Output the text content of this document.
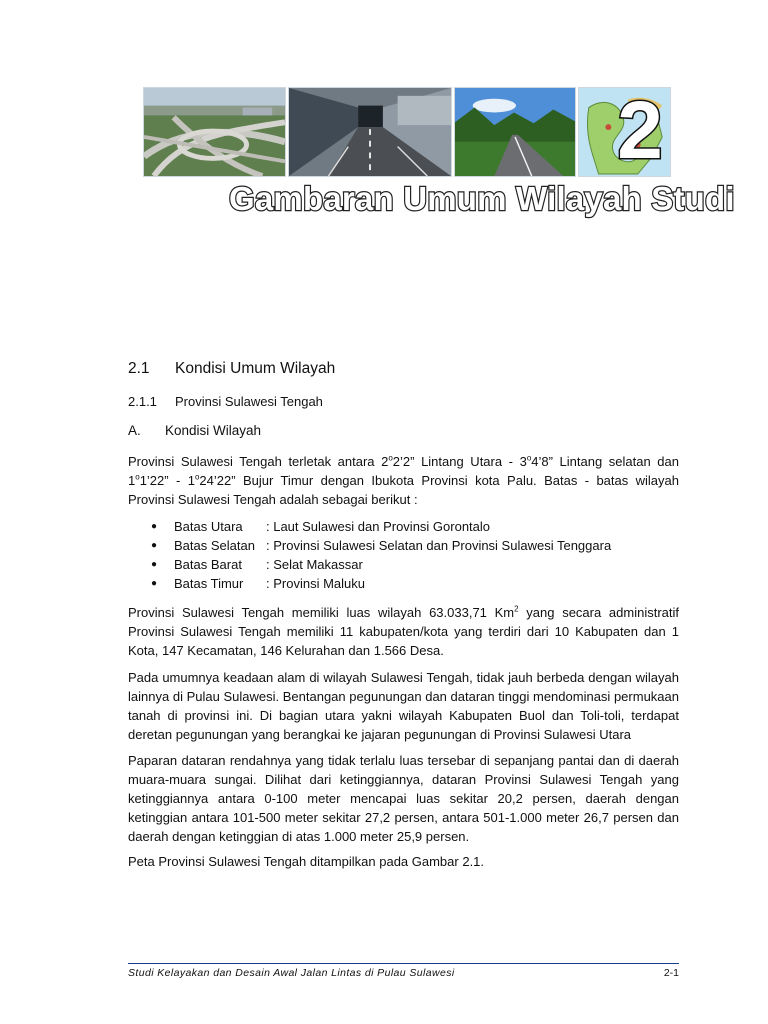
2
Gambaran Umum Wilayah Studi
2.1 Kondisi Umum Wilayah
2.1.1 Provinsi Sulawesi Tengah
A. Kondisi Wilayah
Provinsi Sulawesi Tengah terletak antara 2$^o$2’2” Lintang Utara - 3$^o$4’8” Lintang selatan dan 1$^o$1’22” - 1$^o$24’22” Bujur Timur dengan Ibukota Provinsi kota Palu. Batas - batas wilayah Provinsi Sulawesi Tengah adalah sebagai berikut :
● Batas Utara : Laut Sulawesi dan Provinsi Gorontalo
● Batas Selatan : Provinsi Sulawesi Selatan dan Provinsi Sulawesi Tenggara
● Batas Barat : Selat Makassar
● Batas Timur : Provinsi Maluku
Provinsi Sulawesi Tengah memiliki luas wilayah 63.033,71 Km$^2$ yang secara administratif Provinsi Sulawesi Tengah memiliki 11 kabupaten/kota yang terdiri dari 10 Kabupaten dan 1 Kota, 147 Kecamatan, 146 Kelurahan dan 1.566 Desa.
Pada umumnya keadaan alam di wilayah Sulawesi Tengah, tidak jauh berbeda dengan wilayah lainnya di Pulau Sulawesi. Bentangan pegunungan dan dataran tinggi mendominasi permukaan tanah di provinsi ini. Di bagian utara yakni wilayah Kabupaten Buol dan Toli-toli, terdapat deretan pegunungan yang berangkai ke jajaran pegunungan di Provinsi Sulawesi Utara
Paparan dataran rendahnya yang tidak terlalu luas tersebar di sepanjang pantai dan di daerah muara-muara sungai. Dilihat dari ketinggiannya, dataran Provinsi Sulawesi Tengah yang ketinggiannya antara 0-100 meter mencapai luas sekitar 20,2 persen, daerah dengan ketinggian antara 101-500 meter sekitar 27,2 persen, antara 501-1.000 meter 26,7 persen dan daerah dengan ketinggian di atas 1.000 meter 25,9 persen.
Peta Provinsi Sulawesi Tengah ditampilkan pada Gambar 2.1.
Studi Kelayakan dan Desain Awal Jalan Lintas di Pulau Sulawesi	2-1
